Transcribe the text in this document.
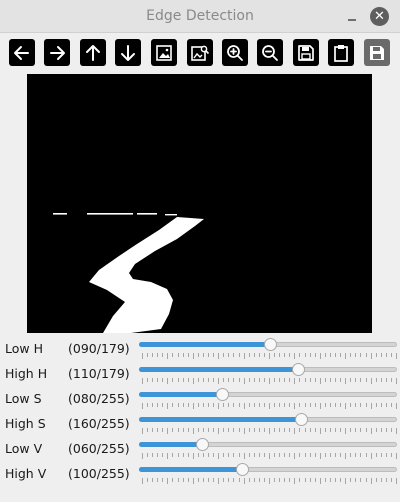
Edge Detection	✕
Low H (090/179)
High H (110/179)
Low S (080/255)
High S (160/255)
Low V (060/255)
High V (100/255)
